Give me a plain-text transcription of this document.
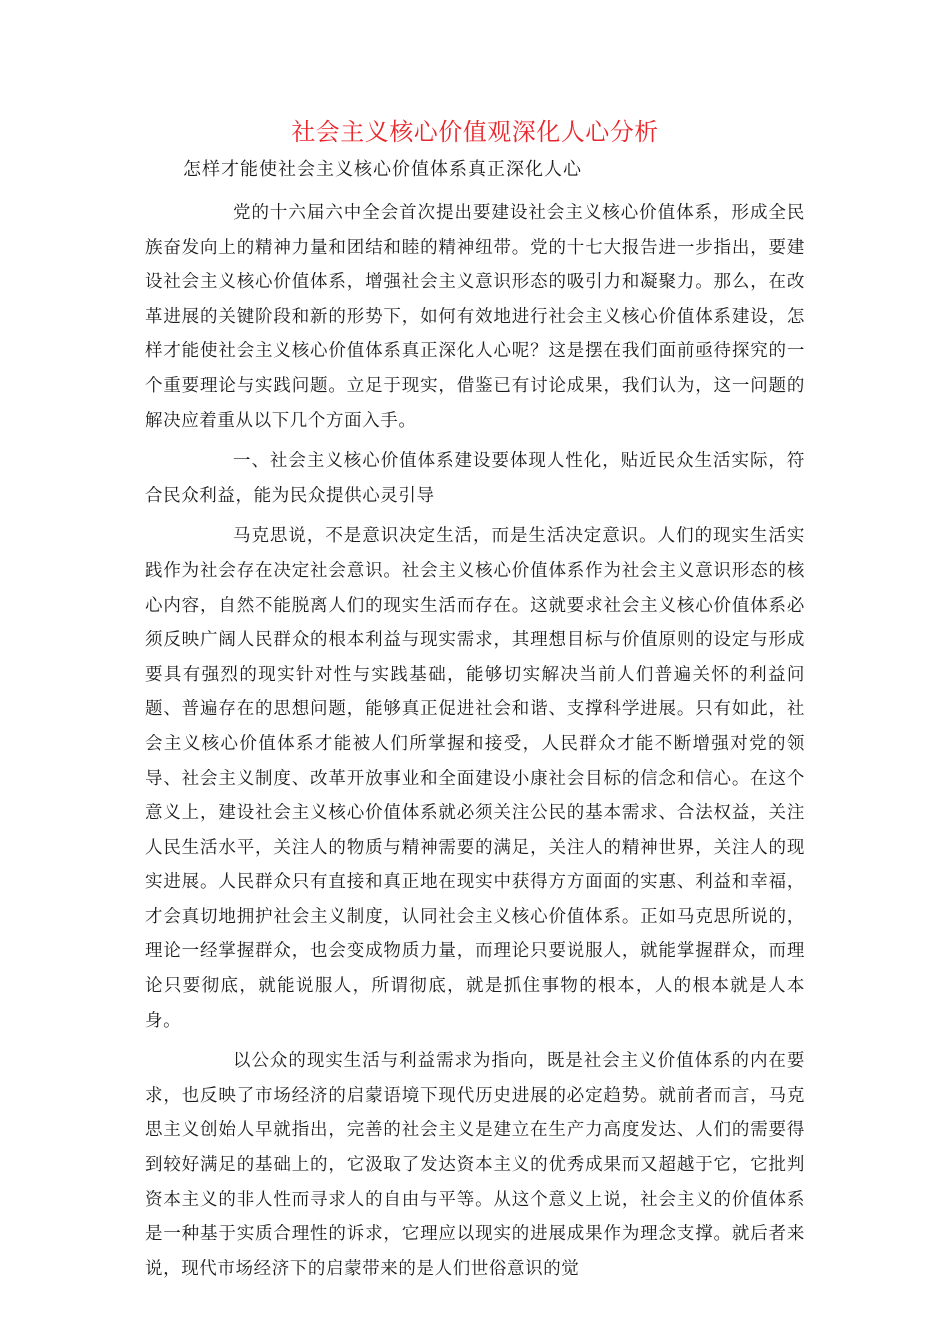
社会主义核心价值观深化人心分析
怎样才能使社会主义核心价值体系真正深化人心

党的十六届六中全会首次提出要建设社会主义核心价值体系，形成全民族奋发向上的精神力量和团结和睦的精神纽带。党的十七大报告进一步指出，要建设社会主义核心价值体系，增强社会主义意识形态的吸引力和凝聚力。那么，在改革进展的关键阶段和新的形势下，如何有效地进行社会主义核心价值体系建设，怎样才能使社会主义核心价值体系真正深化人心呢？这是摆在我们面前亟待探究的一个重要理论与实践问题。立足于现实，借鉴已有讨论成果，我们认为，这一问题的解决应着重从以下几个方面入手。

一、社会主义核心价值体系建设要体现人性化，贴近民众生活实际，符合民众利益，能为民众提供心灵引导

马克思说，不是意识决定生活，而是生活决定意识。人们的现实生活实践作为社会存在决定社会意识。社会主义核心价值体系作为社会主义意识形态的核心内容，自然不能脱离人们的现实生活而存在。这就要求社会主义核心价值体系必须反映广阔人民群众的根本利益与现实需求，其理想目标与价值原则的设定与形成要具有强烈的现实针对性与实践基础，能够切实解决当前人们普遍关怀的利益问题、普遍存在的思想问题，能够真正促进社会和谐、支撑科学进展。只有如此，社会主义核心价值体系才能被人们所掌握和接受，人民群众才能不断增强对党的领导、社会主义制度、改革开放事业和全面建设小康社会目标的信念和信心。在这个意义上，建设社会主义核心价值体系就必须关注公民的基本需求、合法权益，关注人民生活水平，关注人的物质与精神需要的满足，关注人的精神世界，关注人的现实进展。人民群众只有直接和真正地在现实中获得方方面面的实惠、利益和幸福，才会真切地拥护社会主义制度，认同社会主义核心价值体系。正如马克思所说的，理论一经掌握群众，也会变成物质力量，而理论只要说服人，就能掌握群众，而理论只要彻底，就能说服人，所谓彻底，就是抓住事物的根本，人的根本就是人本身。

以公众的现实生活与利益需求为指向，既是社会主义价值体系的内在要求，也反映了市场经济的启蒙语境下现代历史进展的必定趋势。就前者而言，马克思主义创始人早就指出，完善的社会主义是建立在生产力高度发达、人们的需要得到较好满足的基础上的，它汲取了发达资本主义的优秀成果而又超越于它，它批判资本主义的非人性而寻求人的自由与平等。从这个意义上说，社会主义的价值体系是一种基于实质合理性的诉求，它理应以现实的进展成果作为理念支撑。就后者来说，现代市场经济下的启蒙带来的是人们世俗意识的觉
